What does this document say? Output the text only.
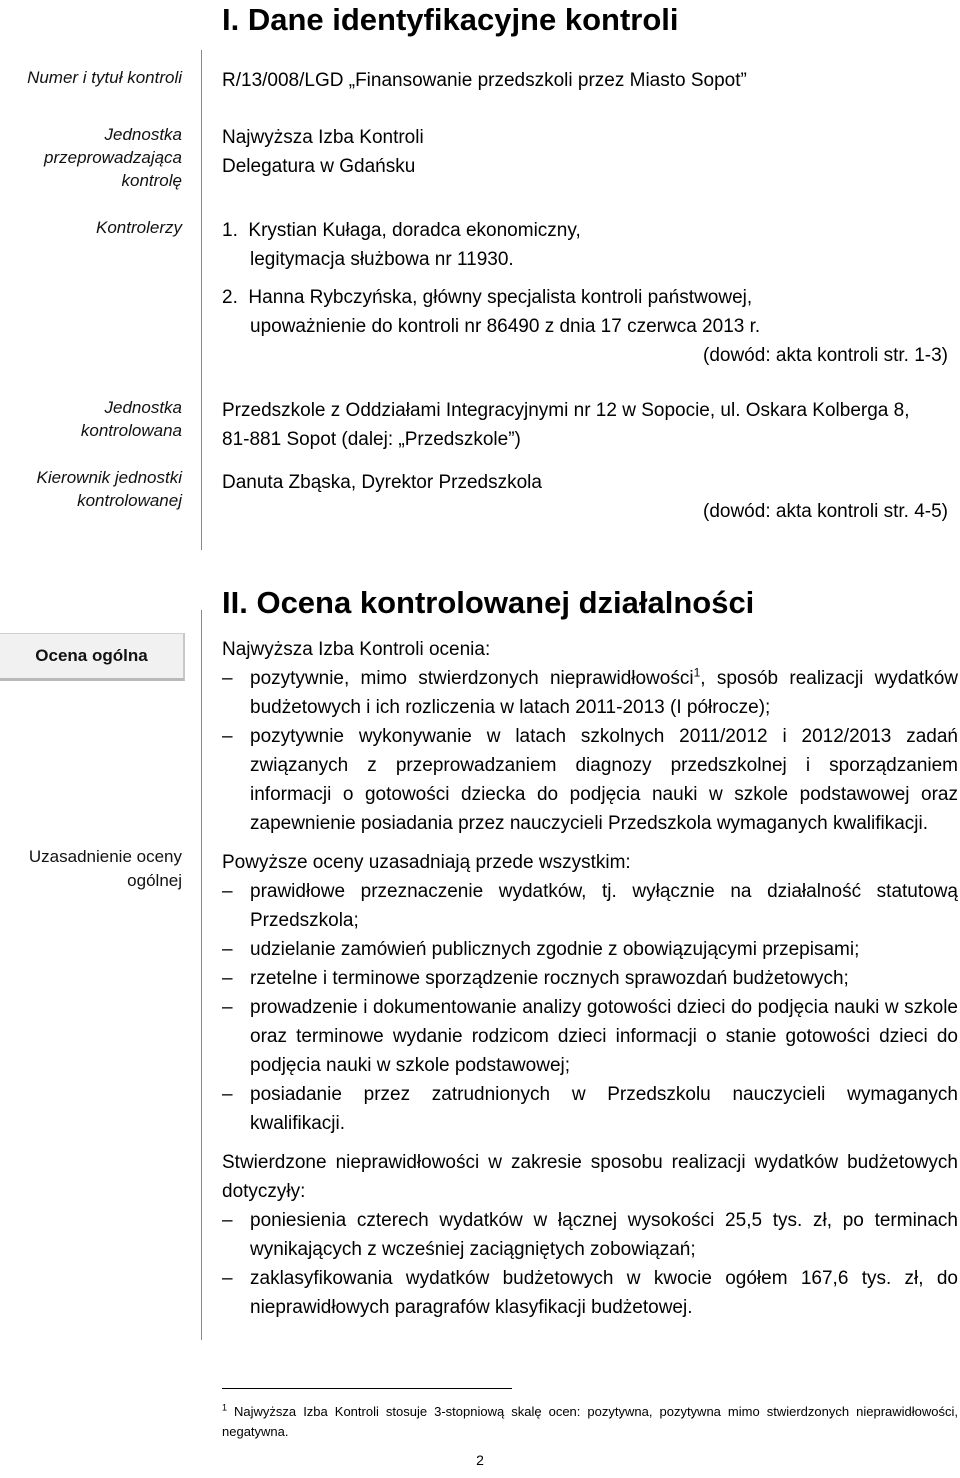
I. Dane identyfikacyjne kontroli
Numer i tytuł kontroli R/13/008/LGD „Finansowanie przedszkoli przez Miasto Sopot”
Jednostka przeprowadzająca kontrolę
Najwyższa Izba Kontroli
Delegatura w Gdańsku
Kontrolerzy 1.  Krystian Kułaga, doradca ekonomiczny,
legitymacja służbowa nr 11930.
2.  Hanna Rybczyńska, główny specjalista kontroli państwowej,
upoważnienie do kontroli nr 86490 z dnia 17 czerwca 2013 r.
(dowód: akta kontroli str. 1-3)
Jednostka kontrolowana
Przedszkole z Oddziałami Integracyjnymi nr 12 w Sopocie, ul. Oskara Kolberga 8,
81-881 Sopot (dalej: „Przedszkole”)
Kierownik jednostki kontrolowanej
Danuta Zbąska, Dyrektor Przedszkola
(dowód: akta kontroli str. 4-5)
II. Ocena kontrolowanej działalności
Ocena ogólna
Uzasadnienie oceny ogólnej

Najwyższa Izba Kontroli ocenia:

– pozytywnie, mimo stwierdzonych nieprawidłowości$^1$, sposób realizacji wydatków budżetowych i ich rozliczenia w latach 2011-2013 (I półrocze);
– pozytywnie wykonywanie w latach szkolnych 2011/2012 i 2012/2013 zadań związanych z przeprowadzaniem diagnozy przedszkolnej i sporządzaniem informacji o gotowości dziecka do podjęcia nauki w szkole podstawowej oraz zapewnienie posiadania przez nauczycieli Przedszkola wymaganych kwalifikacji.

Powyższe oceny uzasadniają przede wszystkim:

– prawidłowe przeznaczenie wydatków, tj. wyłącznie na działalność statutową Przedszkola;
– udzielanie zamówień publicznych zgodnie z obowiązującymi przepisami;
– rzetelne i terminowe sporządzenie rocznych sprawozdań budżetowych;
– prowadzenie i dokumentowanie analizy gotowości dzieci do podjęcia nauki w szkole oraz terminowe wydanie rodzicom dzieci informacji o stanie gotowości dzieci do podjęcia nauki w szkole podstawowej;
– posiadanie przez zatrudnionych w Przedszkolu nauczycieli wymaganych kwalifikacji.

Stwierdzone nieprawidłowości w zakresie sposobu realizacji wydatków budżetowych dotyczyły:

– poniesienia czterech wydatków w łącznej wysokości 25,5 tys. zł, po terminach wynikających z wcześniej zaciągniętych zobowiązań;
– zaklasyfikowania wydatków budżetowych w kwocie ogółem 167,6 tys. zł, do nieprawidłowych paragrafów klasyfikacji budżetowej.
$^1$ Najwyższa Izba Kontroli stosuje 3-stopniową skalę ocen: pozytywna, pozytywna mimo stwierdzonych nieprawidłowości, negatywna.
2
